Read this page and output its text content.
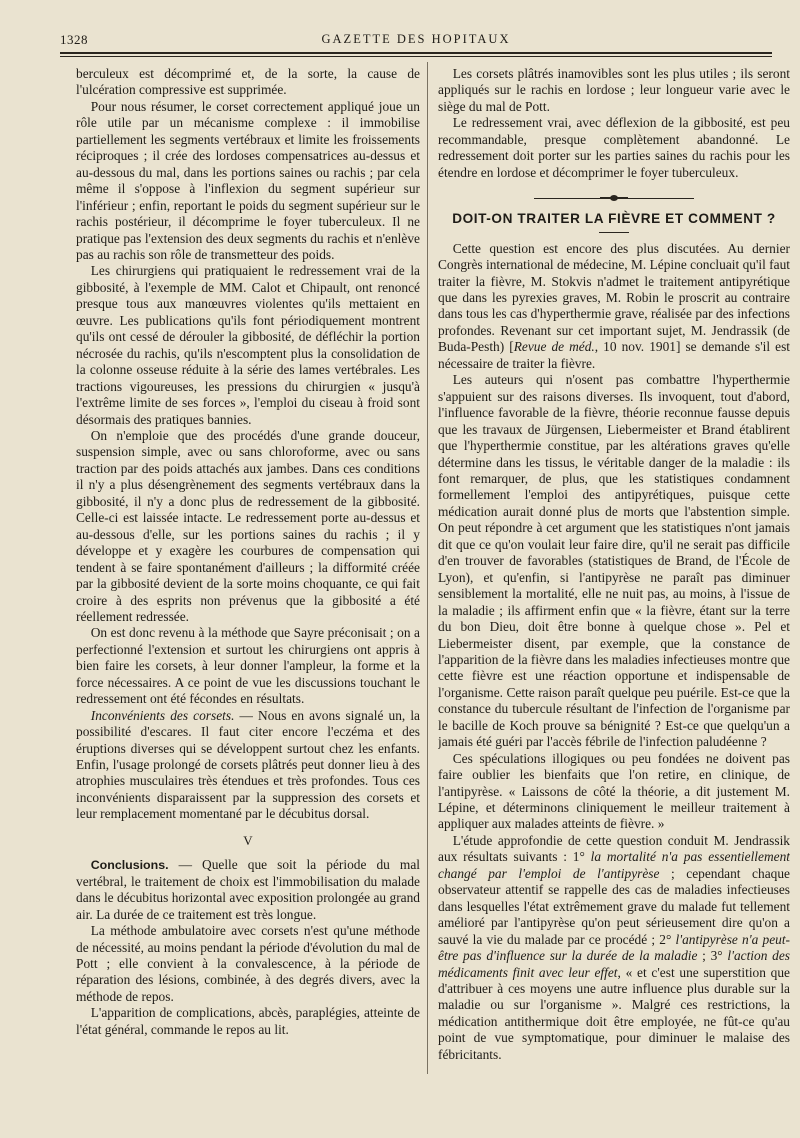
1328	GAZETTE DES HOPITAUX

berculeux est décomprimé et, de la sorte, la cause de l'ulcération compressive est supprimée.

Pour nous résumer, le corset correctement appliqué joue un rôle utile par un mécanisme complexe : il immobilise partiellement les segments vertébraux et limite les froissements réciproques ; il crée des lordoses compensatrices au-dessus et au-dessous du mal, dans les portions saines ou rachis ; par cela même il s'oppose à l'inflexion du segment supérieur sur l'inférieur ; enfin, reportant le poids du segment supérieur sur le rachis postérieur, il décomprime le foyer tuberculeux. Il ne pratique pas l'extension des deux segments du rachis et n'enlève pas au rachis son rôle de transmetteur des poids.

Les chirurgiens qui pratiquaient le redressement vrai de la gibbosité, à l'exemple de MM. Calot et Chipault, ont renoncé presque tous aux manœuvres violentes qu'ils mettaient en œuvre. Les publications qu'ils font périodiquement montrent qu'ils ont cessé de dérouler la gibbosité, de défléchir la portion nécrosée du rachis, qu'ils n'escomptent plus la consolidation de la colonne osseuse réduite à la série des lames vertébrales. Les tractions vigoureuses, les pressions du chirurgien « jusqu'à l'extrême limite de ses forces », l'emploi du ciseau à froid sont désormais des pratiques bannies.

On n'emploie que des procédés d'une grande douceur, suspension simple, avec ou sans chloroforme, avec ou sans traction par des poids attachés aux jambes. Dans ces conditions il n'y a plus désengrènement des segments vertébraux dans la gibbosité, il n'y a donc plus de redressement de la gibbosité. Celle-ci est laissée intacte. Le redressement porte au-dessus et au-dessous d'elle, sur les portions saines du rachis ; il y développe et y exagère les courbures de compensation qui tendent à se faire spontanément d'ailleurs ; la difformité créée par la gibbosité devient de la sorte moins choquante, ce qui fait croire à des esprits non prévenus que la gibbosité a été réellement redressée.

On est donc revenu à la méthode que Sayre préconisait ; on a perfectionné l'extension et surtout les chirurgiens ont appris à bien faire les corsets, à leur donner l'ampleur, la forme et la force nécessaires. A ce point de vue les discussions touchant le redressement ont été fécondes en résultats.

Inconvénients des corsets. — Nous en avons signalé un, la possibilité d'escares. Il faut citer encore l'eczéma et des éruptions diverses qui se développent surtout chez les enfants. Enfin, l'usage prolongé de corsets plâtrés peut donner lieu à des atrophies musculaires très étendues et très profondes. Tous ces inconvénients disparaissent par la suppression des corsets et leur remplacement momentané par le décubitus dorsal.

V

Conclusions. — Quelle que soit la période du mal vertébral, le traitement de choix est l'immobilisation du malade dans le décubitus horizontal avec exposition prolongée au grand air. La durée de ce traitement est très longue.

La méthode ambulatoire avec corsets n'est qu'une méthode de nécessité, au moins pendant la période d'évolution du mal de Pott ; elle convient à la convalescence, à la période de réparation des lésions, combinée, à des degrés divers, avec la méthode de repos.

L'apparition de complications, abcès, paraplégies, atteinte de l'état général, commande le repos au lit.

Les corsets plâtrés inamovibles sont les plus utiles ; ils seront appliqués sur le rachis en lordose ; leur longueur varie avec le siège du mal de Pott.

Le redressement vrai, avec déflexion de la gibbosité, est peu recommandable, presque complètement abandonné. Le redressement doit porter sur les parties saines du rachis pour les étendre en lordose et décomprimer le foyer tuberculeux.

DOIT-ON TRAITER LA FIÈVRE ET COMMENT ?

Cette question est encore des plus discutées. Au dernier Congrès international de médecine, M. Lépine concluait qu'il faut traiter la fièvre, M. Stokvis n'admet le traitement antipyrétique que dans les pyrexies graves, M. Robin le proscrit au contraire dans tous les cas d'hyperthermie grave, réalisée par des infections profondes. Revenant sur cet important sujet, M. Jendrassik (de Buda-Pesth) [Revue de méd., 10 nov. 1901] se demande s'il est nécessaire de traiter la fièvre.

Les auteurs qui n'osent pas combattre l'hyperthermie s'appuient sur des raisons diverses. Ils invoquent, tout d'abord, l'influence favorable de la fièvre, théorie reconnue fausse depuis que les travaux de Jürgensen, Liebermeister et Brand établirent que l'hyperthermie constitue, par les altérations graves qu'elle détermine dans les tissus, le véritable danger de la maladie : ils font remarquer, de plus, que les statistiques condamnent formellement l'emploi des antipyrétiques, puisque cette médication aurait donné plus de morts que l'abstention simple. On peut répondre à cet argument que les statistiques n'ont jamais dit que ce qu'on voulait leur faire dire, qu'il ne serait pas difficile d'en trouver de favorables (statistiques de Brand, de l'École de Lyon), et qu'enfin, si l'antipyrèse ne paraît pas diminuer sensiblement la mortalité, elle ne nuit pas, au moins, à l'issue de la maladie ; ils affirment enfin que « la fièvre, étant sur la terre du bon Dieu, doit être bonne à quelque chose ». Pel et Liebermeister disent, par exemple, que la constance de l'apparition de la fièvre dans les maladies infectieuses montre que cette fièvre est une réaction opportune et indispensable de l'organisme. Cette raison paraît quelque peu puérile. Est-ce que la constance du tubercule résultant de l'infection de l'organisme par le bacille de Koch prouve sa bénignité ? Est-ce que quelqu'un a jamais été guéri par l'accès fébrile de l'infection paludéenne ?

Ces spéculations illogiques ou peu fondées ne doivent pas faire oublier les bienfaits que l'on retire, en clinique, de l'antipyrèse. « Laissons de côté la théorie, a dit justement M. Lépine, et déterminons cliniquement le meilleur traitement à appliquer aux malades atteints de fièvre. »

L'étude approfondie de cette question conduit M. Jendrassik aux résultats suivants : 1° la mortalité n'a pas essentiellement changé par l'emploi de l'antipyrèse ; cependant chaque observateur attentif se rappelle des cas de maladies infectieuses dans lesquelles l'état extrêmement grave du malade fut tellement amélioré par l'antipyrèse qu'on peut sérieusement dire qu'on a sauvé la vie du malade par ce procédé ; 2° l'antipyrèse n'a peut-être pas d'influence sur la durée de la maladie ; 3° l'action des médicaments finit avec leur effet, « et c'est une superstition que d'attribuer à ces moyens une autre influence plus durable sur la maladie ou sur l'organisme ». Malgré ces restrictions, la médication antithermique doit être employée, ne fût-ce qu'au point de vue symptomatique, pour diminuer le malaise des fébricitants.
